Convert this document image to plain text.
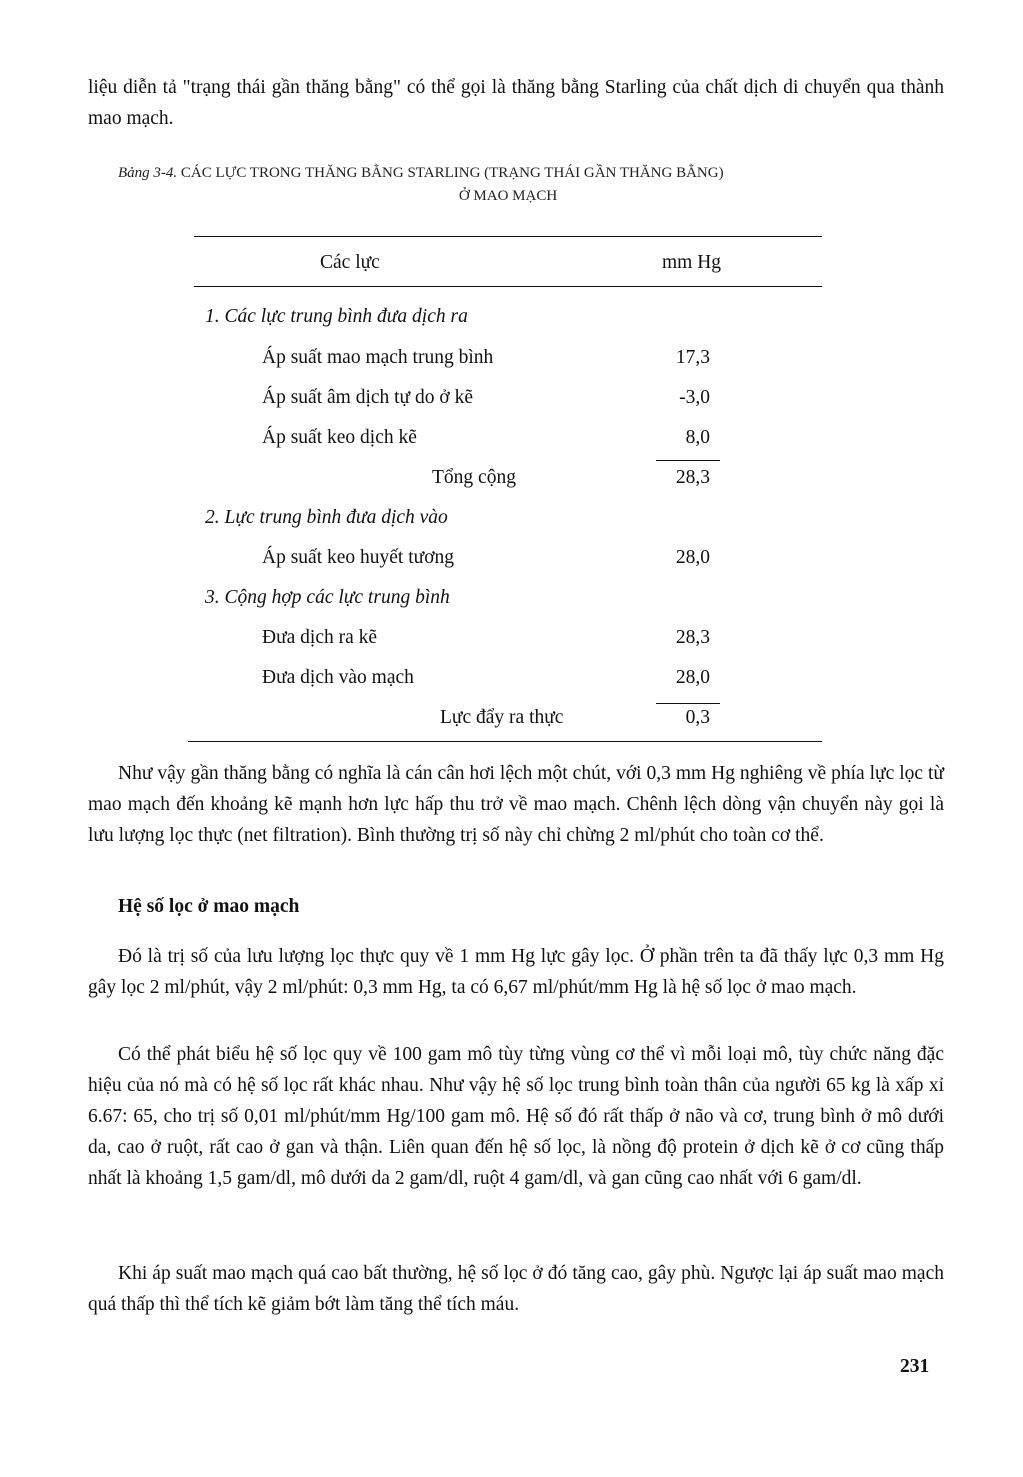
liệu diễn tả "trạng thái gần thăng bằng" có thể gọi là thăng bằng Starling của chất dịch di chuyển qua thành mao mạch.

Bảng 3-4. CÁC LỰC TRONG THĂNG BẰNG STARLING (TRẠNG THÁI GẦN THĂNG BẰNG)
Ở MAO MẠCH
Các lực	mm Hg
1. Các lực trung bình đưa dịch ra
Áp suất mao mạch trung bình	17,3
Áp suất âm dịch tự do ở kẽ	-3,0
Áp suất keo dịch kẽ	8,0
Tổng cộng	28,3
2. Lực trung bình đưa dịch vào
Áp suất keo huyết tương	28,0
3. Cộng hợp các lực trung bình
Đưa dịch ra kẽ	28,3
Đưa dịch vào mạch	28,0
Lực đẩy ra thực	0,3

Như vậy gần thăng bằng có nghĩa là cán cân hơi lệch một chút, với 0,3 mm Hg nghiêng về phía lực lọc từ mao mạch đến khoảng kẽ mạnh hơn lực hấp thu trở về mao mạch. Chênh lệch dòng vận chuyển này gọi là lưu lượng lọc thực (net filtration). Bình thường trị số này chỉ chừng 2 ml/phút cho toàn cơ thể.

Hệ số lọc ở mao mạch

Đó là trị số của lưu lượng lọc thực quy về 1 mm Hg lực gây lọc. Ở phần trên ta đã thấy lực 0,3 mm Hg gây lọc 2 ml/phút, vậy 2 ml/phút: 0,3 mm Hg, ta có 6,67 ml/phút/mm Hg là hệ số lọc ở mao mạch.

Có thể phát biểu hệ số lọc quy về 100 gam mô tùy từng vùng cơ thể vì mỗi loại mô, tùy chức năng đặc hiệu của nó mà có hệ số lọc rất khác nhau. Như vậy hệ số lọc trung bình toàn thân của người 65 kg là xấp xỉ 6.67: 65, cho trị số 0,01 ml/phút/mm Hg/100 gam mô. Hệ số đó rất thấp ở não và cơ, trung bình ở mô dưới da, cao ở ruột, rất cao ở gan và thận. Liên quan đến hệ số lọc, là nồng độ protein ở dịch kẽ ở cơ cũng thấp nhất là khoảng 1,5 gam/dl, mô dưới da 2 gam/dl, ruột 4 gam/dl, và gan cũng cao nhất với 6 gam/dl.

Khi áp suất mao mạch quá cao bất thường, hệ số lọc ở đó tăng cao, gây phù. Ngược lại áp suất mao mạch quá thấp thì thể tích kẽ giảm bớt làm tăng thể tích máu.

231
